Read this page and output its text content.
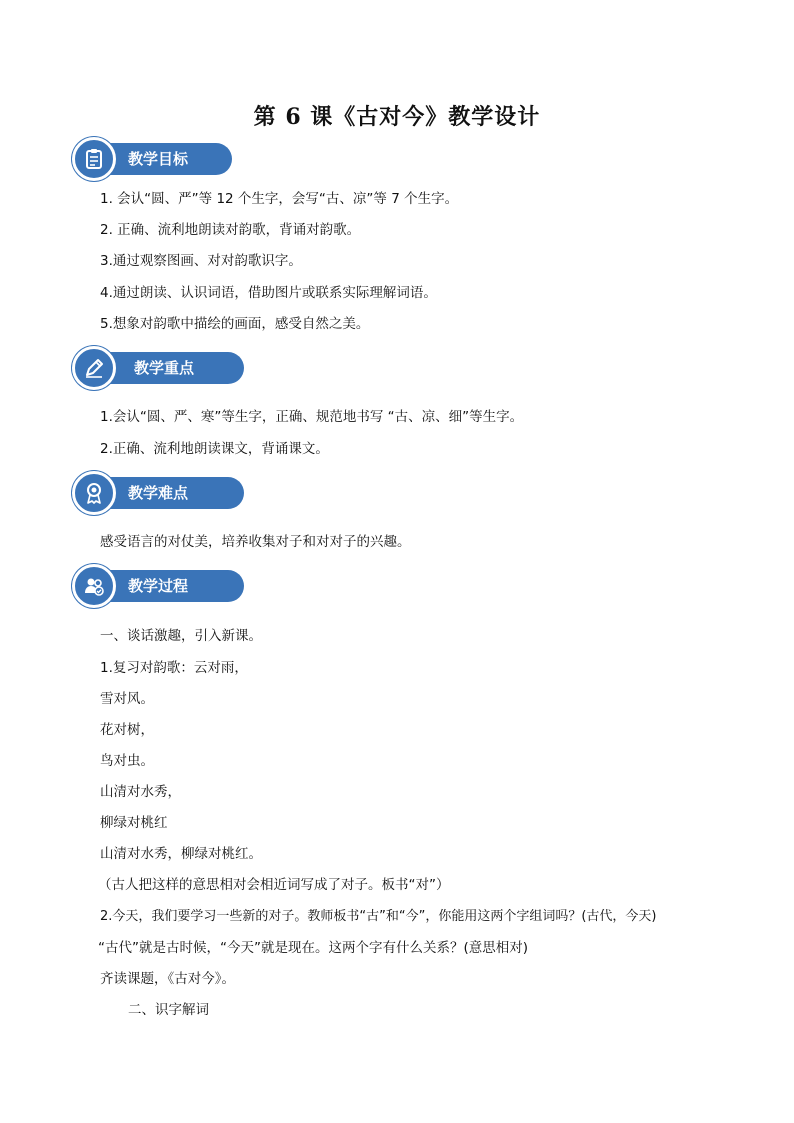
第 6 课《古对今》教学设计
教学目标
1. 会认“圆、严”等 12 个生字，会写“古、凉”等 7 个生字。
2. 正确、流利地朗读对韵歌，背诵对韵歌。
3.通过观察图画、对对韵歌识字。
4.通过朗读、认识词语，借助图片或联系实际理解词语。
5.想象对韵歌中描绘的画面，感受自然之美。
教学重点
1.会认“圆、严、寒”等生字，正确、规范地书写 “古、凉、细”等生字。
2.正确、流利地朗读课文，背诵课文。
教学难点
感受语言的对仗美，培养收集对子和对对子的兴趣。
教学过程
一、谈话激趣，引入新课。
1.复习对韵歌：云对雨，
雪对风。
花对树，
鸟对虫。
山清对水秀，
柳绿对桃红
山清对水秀，柳绿对桃红。
（古人把这样的意思相对会相近词写成了对子。板书“对”）
2.今天，我们要学习一些新的对子。教师板书“古”和“今”，你能用这两个字组词吗？(古代，今天)
“古代”就是古时候，“今天”就是现在。这两个字有什么关系？(意思相对)
齐读课题，《古对今》。
二、识字解词
